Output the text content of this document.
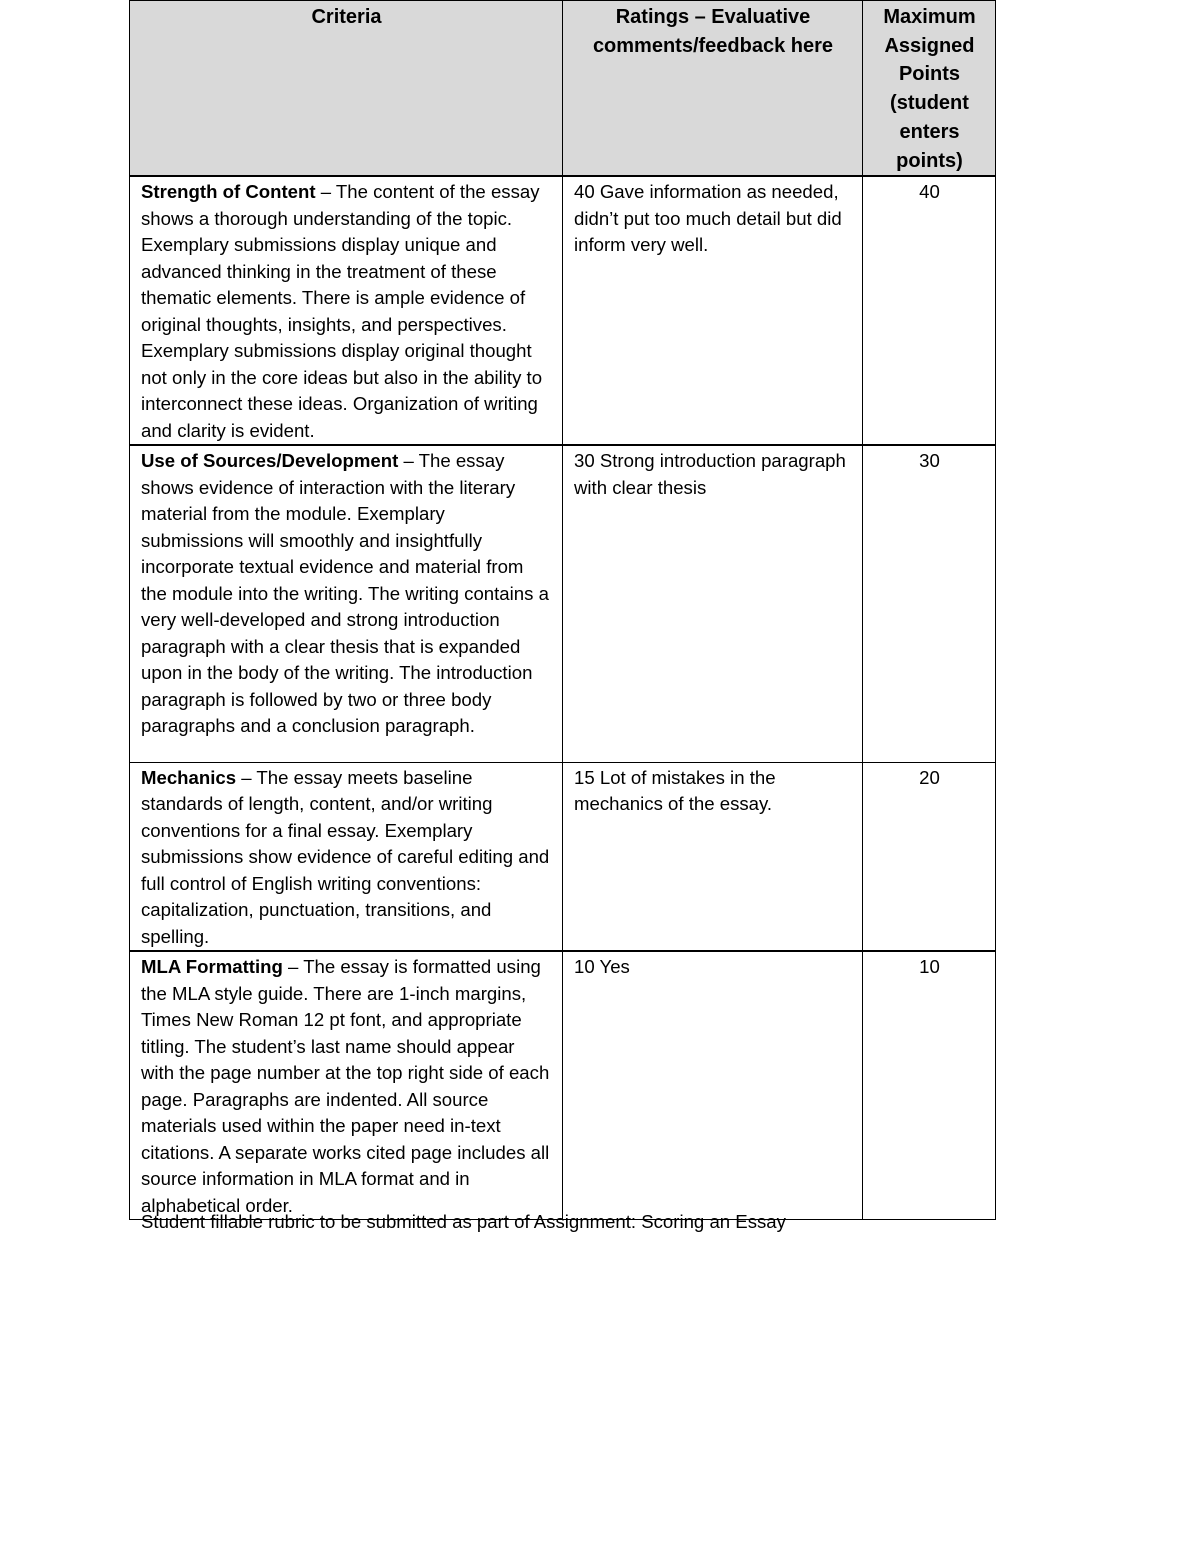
Criteria	Ratings – Evaluative comments/feedback here	Maximum Assigned Points (student enters points)
Strength of Content – The content of the essay shows a thorough understanding of the topic. Exemplary submissions display unique and advanced thinking in the treatment of these thematic elements. There is ample evidence of original thoughts, insights, and perspectives. Exemplary submissions display original thought not only in the core ideas but also in the ability to interconnect these ideas. Organization of writing and clarity is evident.	40 Gave information as needed, didn’t put too much detail but did inform very well.	40
Use of Sources/Development – The essay shows evidence of interaction with the literary material from the module. Exemplary submissions will smoothly and insightfully incorporate textual evidence and material from the module into the writing. The writing contains a very well-developed and strong introduction paragraph with a clear thesis that is expanded upon in the body of the writing. The introduction paragraph is followed by two or three body paragraphs and a conclusion paragraph.	30 Strong introduction paragraph with clear thesis	30
Mechanics – The essay meets baseline standards of length, content, and/or writing conventions for a final essay. Exemplary submissions show evidence of careful editing and full control of English writing conventions: capitalization, punctuation, transitions, and spelling.	15 Lot of mistakes in the mechanics of the essay.	20
MLA Formatting – The essay is formatted using the MLA style guide. There are 1-inch margins, Times New Roman 12 pt font, and appropriate titling. The student’s last name should appear with the page number at the top right side of each page. Paragraphs are indented. All source materials used within the paper need in-text citations. A separate works cited page includes all source information in MLA format and in alphabetical order.	10 Yes	10
Student fillable rubric to be submitted as part of Assignment: Scoring an Essay
